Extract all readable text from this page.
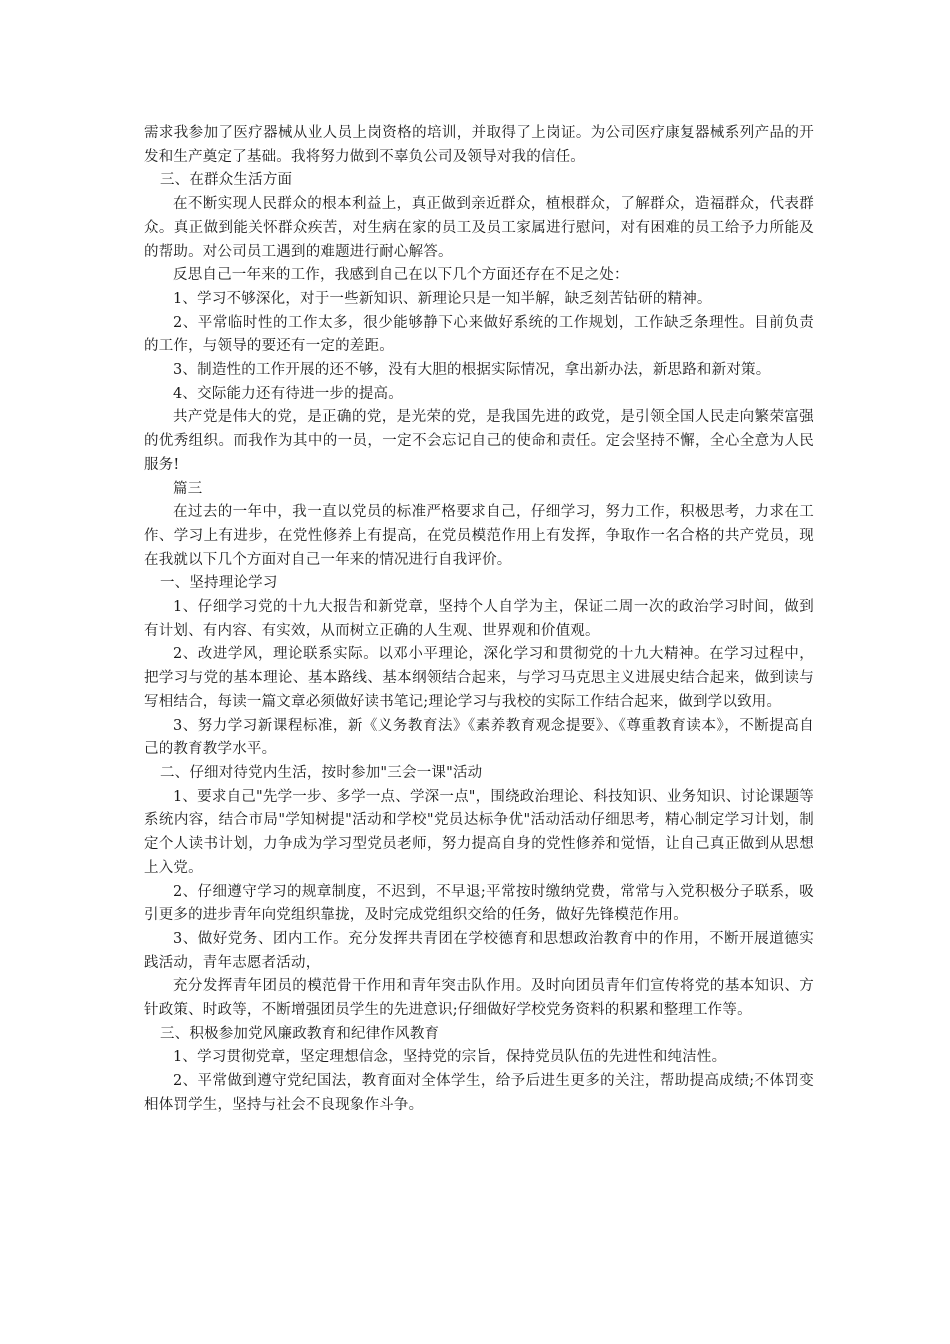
需求我参加了医疗器械从业人员上岗资格的培训，并取得了上岗证。为公司医疗康复器械系列产品的开发和生产奠定了基础。我将努力做到不辜负公司及领导对我的信任。

三、在群众生活方面

在不断实现人民群众的根本利益上，真正做到亲近群众，植根群众，了解群众，造福群众，代表群众。真正做到能关怀群众疾苦，对生病在家的员工及员工家属进行慰问，对有困难的员工给予力所能及的帮助。对公司员工遇到的难题进行耐心解答。

反思自己一年来的工作，我感到自己在以下几个方面还存在不足之处：

1、学习不够深化，对于一些新知识、新理论只是一知半解，缺乏刻苦钻研的精神。

2、平常临时性的工作太多，很少能够静下心来做好系统的工作规划，工作缺乏条理性。目前负责的工作，与领导的要还有一定的差距。

3、制造性的工作开展的还不够，没有大胆的根据实际情况，拿出新办法，新思路和新对策。

4、交际能力还有待进一步的提高。

共产党是伟大的党，是正确的党，是光荣的党，是我国先进的政党，是引领全国人民走向繁荣富强的优秀组织。而我作为其中的一员，一定不会忘记自己的使命和责任。定会坚持不懈，全心全意为人民服务!

篇三

在过去的一年中，我一直以党员的标准严格要求自己，仔细学习，努力工作，积极思考，力求在工作、学习上有进步，在党性修养上有提高，在党员模范作用上有发挥，争取作一名合格的共产党员，现在我就以下几个方面对自己一年来的情况进行自我评价。

一、坚持理论学习

1、仔细学习党的十九大报告和新党章，坚持个人自学为主，保证二周一次的政治学习时间，做到有计划、有内容、有实效，从而树立正确的人生观、世界观和价值观。

2、改进学风，理论联系实际。以邓小平理论，深化学习和贯彻党的十九大精神。在学习过程中，把学习与党的基本理论、基本路线、基本纲领结合起来，与学习马克思主义进展史结合起来，做到读与写相结合，每读一篇文章必须做好读书笔记;理论学习与我校的实际工作结合起来，做到学以致用。

3、努力学习新课程标准，新《义务教育法》《素养教育观念提要》、《尊重教育读本》，不断提高自己的教育教学水平。

二、仔细对待党内生活，按时参加"三会一课"活动

1、要求自己"先学一步、多学一点、学深一点"，围绕政治理论、科技知识、业务知识、讨论课题等系统内容，结合市局"学知树提"活动和学校"党员达标争优"活动活动仔细思考，精心制定学习计划，制定个人读书计划，力争成为学习型党员老师，努力提高自身的党性修养和觉悟，让自己真正做到从思想上入党。

2、仔细遵守学习的规章制度，不迟到，不早退;平常按时缴纳党费，常常与入党积极分子联系，吸引更多的进步青年向党组织靠拢，及时完成党组织交给的任务，做好先锋模范作用。

3、做好党务、团内工作。充分发挥共青团在学校德育和思想政治教育中的作用，不断开展道德实践活动，青年志愿者活动，

充分发挥青年团员的模范骨干作用和青年突击队作用。及时向团员青年们宣传将党的基本知识、方针政策、时政等，不断增强团员学生的先进意识;仔细做好学校党务资料的积累和整理工作等。

三、积极参加党风廉政教育和纪律作风教育

1、学习贯彻党章，坚定理想信念，坚持党的宗旨，保持党员队伍的先进性和纯洁性。

2、平常做到遵守党纪国法，教育面对全体学生，给予后进生更多的关注，帮助提高成绩;不体罚变相体罚学生，坚持与社会不良现象作斗争。
